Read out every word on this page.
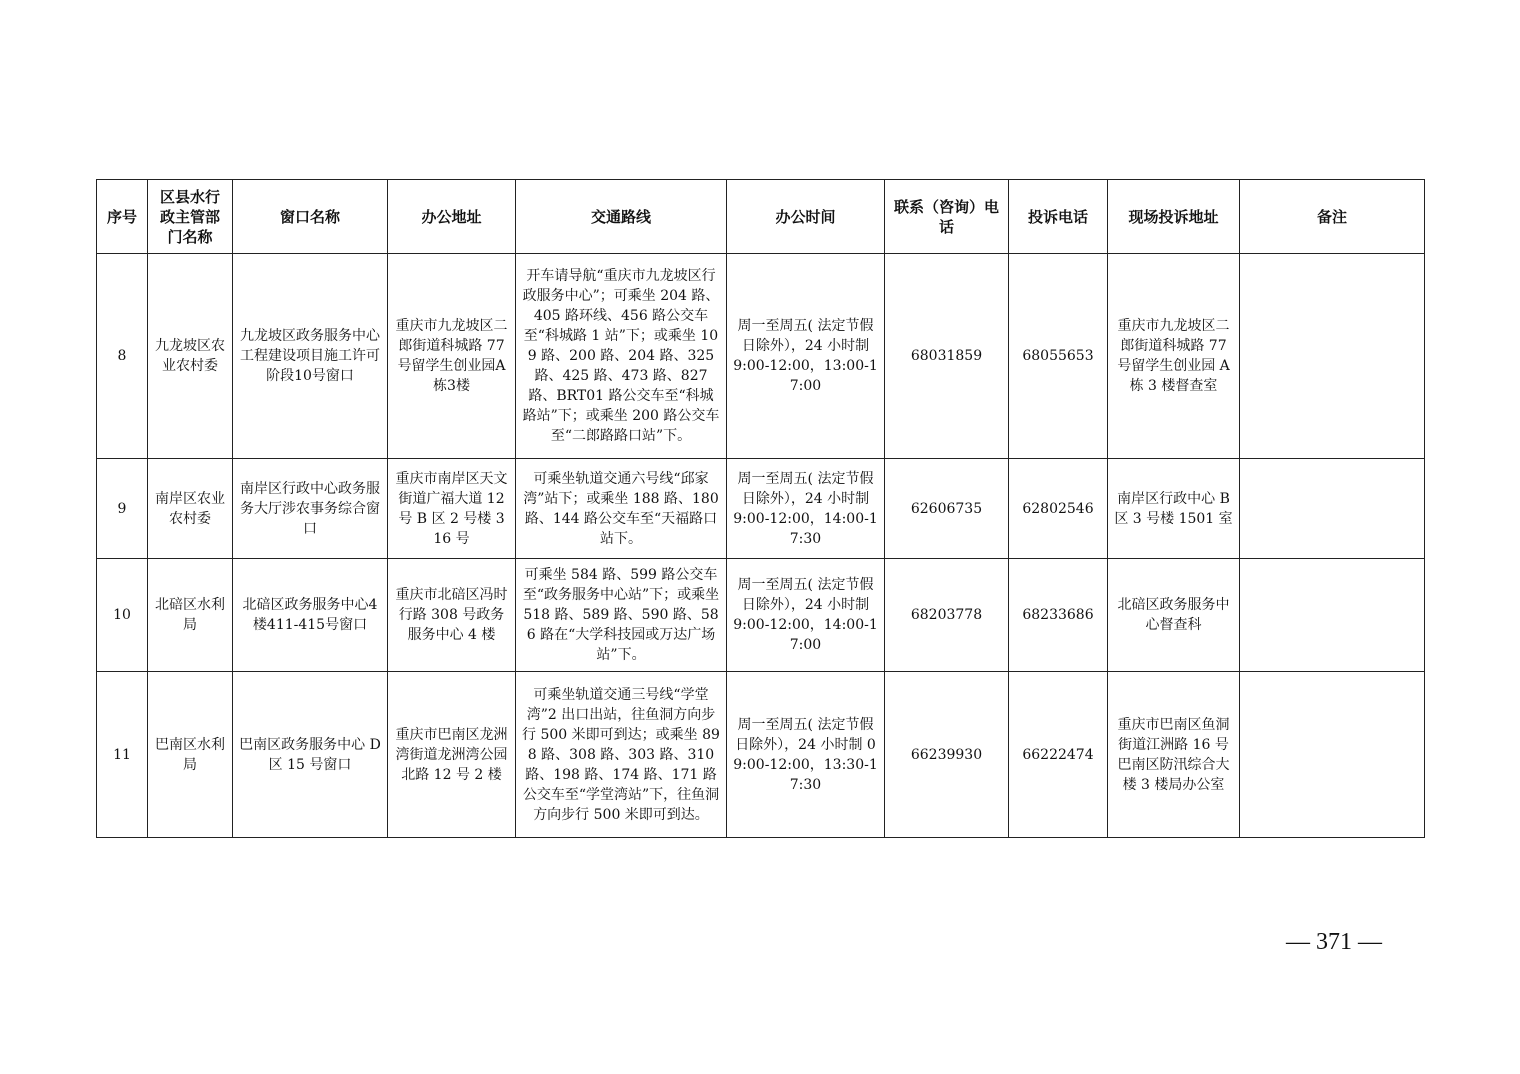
序号	区县水行政主管部门名称	窗口名称	办公地址	交通路线	办公时间	联系（咨询）电话	投诉电话	现场投诉地址	备注
8	九龙坡区农业农村委	九龙坡区政务服务中心工程建设项目施工许可阶段10号窗口	重庆市九龙坡区二郎街道科城路 77 号留学生创业园A栋3楼	开车请导航“重庆市九龙坡区行政服务中心”；可乘坐 204 路、405 路环线、456 路公交车至“科城路 1 站”下；或乘坐 109 路、200 路、204 路、325 路、425 路、473 路、827 路、BRT01 路公交车至“科城路站”下；或乘坐 200 路公交车至“二郎路路口站”下。	周一至周五( 法定节假日除外），24 小时制 9:00-12:00，13:00-17:00	68031859	68055653	重庆市九龙坡区二郎街道科城路 77 号留学生创业园 A 栋 3 楼督查室	
9	南岸区农业农村委	南岸区行政中心政务服务大厅涉农事务综合窗口	重庆市南岸区天文街道广福大道 12 号 B 区 2 号楼 316 号	可乘坐轨道交通六号线“邱家湾”站下；或乘坐 188 路、180 路、144 路公交车至“天福路口站下。	周一至周五( 法定节假日除外），24 小时制 9:00-12:00，14:00-17:30	62606735	62802546	南岸区行政中心 B 区 3 号楼 1501 室	
10	北碚区水利局	北碚区政务服务中心4楼411-415号窗口	重庆市北碚区冯时行路 308 号政务服务中心 4 楼	可乘坐 584 路、599 路公交车至“政务服务中心站”下；或乘坐 518 路、589 路、590 路、586 路在“大学科技园或万达广场站”下。	周一至周五( 法定节假日除外），24 小时制 9:00-12:00，14:00-17:00	68203778	68233686	北碚区政务服务中心督查科	
11	巴南区水利局	巴南区政务服务中心 D 区 15 号窗口	重庆市巴南区龙洲湾街道龙洲湾公园北路 12 号 2 楼	可乘坐轨道交通三号线“学堂湾”2 出口出站，往鱼洞方向步行 500 米即可到达；或乘坐 898 路、308 路、303 路、310 路、198 路、174 路、171 路公交车至“学堂湾站”下，往鱼洞方向步行 500 米即可到达。	周一至周五( 法定节假日除外），24 小时制 09:00-12:00，13:30-17:30	66239930	66222474	重庆市巴南区鱼洞街道江洲路 16 号巴南区防汛综合大楼 3 楼局办公室	
— 371 —
